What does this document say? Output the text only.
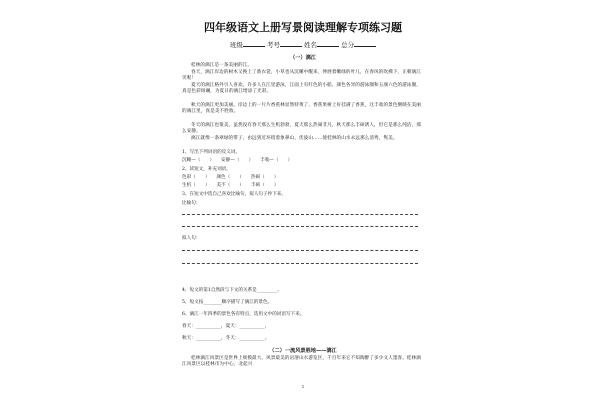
四年级语文上册写景阅读理解专项练习题
班级	考号	姓名	总分
（一）漓江
桂林的漓江是一条美丽的江。
春天，漓江岸边的树木又换上了新衣裳，小草也从沉睡中醒来，伸展着嫩绿的叶儿，在春风的吹拂下，正朝漓江笑呢！
夏天的漓江格外引人喜欢。许多人在江里游泳，江面上有红色的小船，颜色各异的游泳圈和五颜六色的游泳圈，真是色彩斑斓，为夏日的漓江增添了光彩。
秋天的漓江更加美丽。岸边上的一片片香蕉林显然特黄了，香蕉果树上好挂满了香蕉，这丰收的景色倒映在美丽的漓江里，真是美不胜收。
冬天的漓江也很美，虽然没有春天那么生机勃勃，夏天那么热闹非凡，秋天那么丰硕诱人，但它是那么纯洁，那么安静。
漓江就像一条翠绿的带子，由远到近环绕着象鼻山、伏波山……使桂林的山水永远那么清秀，隽美。
1、写出下列词语的反义词。
沉睡—（　　）　　安静—（　　）　　丰收—（　　）
2、读短文，补充词语。
色彩（　　）　　颜色（　　）　　热闹（　　）
生机（　　）　　美不（　　）　　丰硕（　　）
3、在短文中选自己喜欢比喻句、拟人句子抄下来。
比喻句：
拟人句：
4、短文的第1自然段与下文的关系是_________。
5、短文按________顺序描写了漓江的景色。
6、漓江一年四季的景色各有特点，选用文中的词语写下来。
春天：___________，夏天：___________，
秋天：___________，冬天：___________。
（二）一流风景胜地——漓江
桂林漓江风景区是世界上规模最大、风景最美的岩溶山水游览区，千百年来它不知陶醉了多少文人墨客。桂林漓江风景区以桂林市为中心，北起兴
1
